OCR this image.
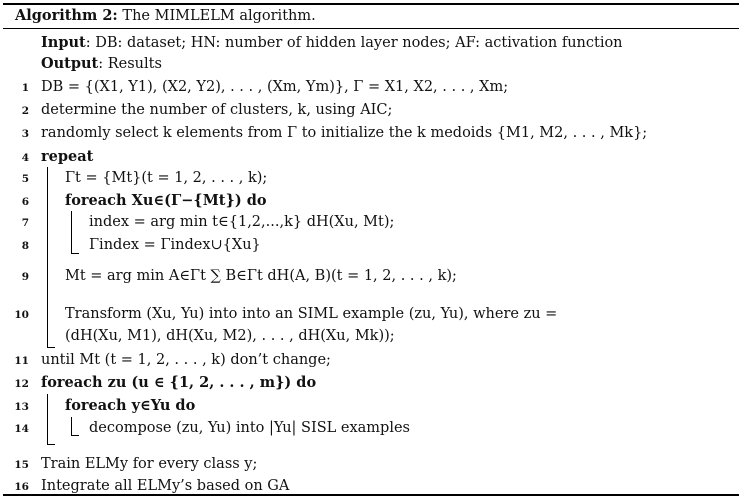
Algorithm 2: The MIMLELM algorithm.
Input: DB: dataset; HN: number of hidden layer nodes; AF: activation function
Output: Results
1 DB = {(X1, Y1), (X2, Y2), . . . , (Xm, Ym)}, Γ = X1, X2, . . . , Xm;
2 determine the number of clusters, k, using AIC;
3 randomly select k elements from Γ to initialize the k medoids {M1, M2, . . . , Mk};
4 repeat
5 Γt = {Mt}(t = 1, 2, . . . , k);
6 foreach Xu∈(Γ−{Mt}) do
7	index = arg min t∈{1,2,...,k} dH(Xu, Mt);
8	Γindex = Γindex∪{Xu}
9 Mt = arg min A∈Γt ∑ B∈Γt dH(A, B)(t = 1, 2, . . . , k);
10 Transform (Xu, Yu) into into an SIML example (zu, Yu), where zu =
(dH(Xu, M1), dH(Xu, M2), . . . , dH(Xu, Mk));
11 until Mt (t = 1, 2, . . . , k) don’t change;
12 foreach zu (u ∈ {1, 2, . . . , m}) do
13 foreach y∈Yu do
14	decompose (zu, Yu) into |Yu| SISL examples
15 Train ELMy for every class y;
16 Integrate all ELMy’s based on GA
